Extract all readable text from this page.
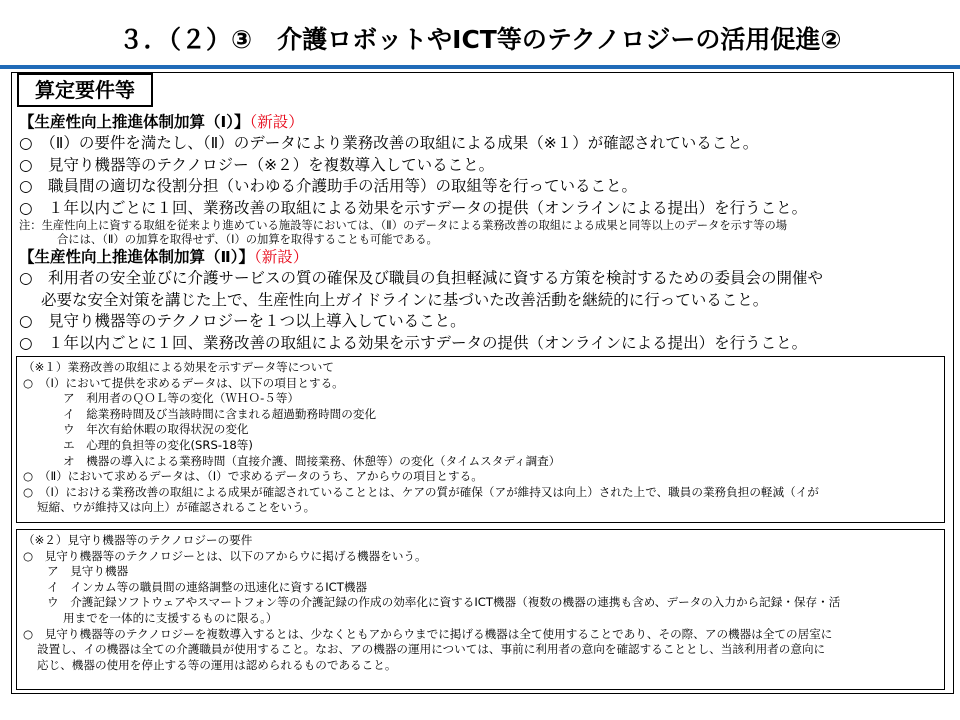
３．（２）③　介護ロボットやICT等のテクノロジーの活用促進②
算定要件等
【生産性向上推進体制加算（Ⅰ）】（新設）
○　（Ⅱ）の要件を満たし、（Ⅱ）のデータにより業務改善の取組による成果（※１）が確認されていること。
○　見守り機器等のテクノロジー（※２）を複数導入していること。
○　職員間の適切な役割分担（いわゆる介護助手の活用等）の取組等を行っていること。
○　１年以内ごとに１回、業務改善の取組による効果を示すデータの提供（オンラインによる提出）を行うこと。
注：生産性向上に資する取組を従来より進めている施設等においては、（Ⅱ）のデータによる業務改善の取組による成果と同等以上のデータを示す等の場
合には、（Ⅱ）の加算を取得せず、（Ⅰ）の加算を取得することも可能である。
【生産性向上推進体制加算（Ⅱ）】（新設）
○　利用者の安全並びに介護サービスの質の確保及び職員の負担軽減に資する方策を検討するための委員会の開催や
必要な安全対策を講じた上で、生産性向上ガイドラインに基づいた改善活動を継続的に行っていること。
○　見守り機器等のテクノロジーを１つ以上導入していること。
○　１年以内ごとに１回、業務改善の取組による効果を示すデータの提供（オンラインによる提出）を行うこと。
（※１）業務改善の取組による効果を示すデータ等について
○　（Ⅰ）において提供を求めるデータは、以下の項目とする。
ア　利用者のＱＯＬ等の変化（ＷＨＯ-５等）
イ　総業務時間及び当該時間に含まれる超過勤務時間の変化
ウ　年次有給休暇の取得状況の変化
エ　心理的負担等の変化(SRS-18等)
オ　機器の導入による業務時間（直接介護、間接業務、休憩等）の変化（タイムスタディ調査）
○　（Ⅱ）において求めるデータは、（Ⅰ）で求めるデータのうち、アからウの項目とする。
○　（Ⅰ）における業務改善の取組による成果が確認されていることとは、ケアの質が確保（アが維持又は向上）された上で、職員の業務負担の軽減（イが
短縮、ウが維持又は向上）が確認されることをいう。
（※２）見守り機器等のテクノロジーの要件
○　見守り機器等のテクノロジーとは、以下のアからウに掲げる機器をいう。
ア　見守り機器
イ　インカム等の職員間の連絡調整の迅速化に資するICT機器
ウ　介護記録ソフトウェアやスマートフォン等の介護記録の作成の効率化に資するICT機器（複数の機器の連携も含め、データの入力から記録・保存・活
用までを一体的に支援するものに限る。）
○　見守り機器等のテクノロジーを複数導入するとは、少なくともアからウまでに掲げる機器は全て使用することであり、その際、アの機器は全ての居室に
設置し、イの機器は全ての介護職員が使用すること。なお、アの機器の運用については、事前に利用者の意向を確認することとし、当該利用者の意向に
応じ、機器の使用を停止する等の運用は認められるものであること。
